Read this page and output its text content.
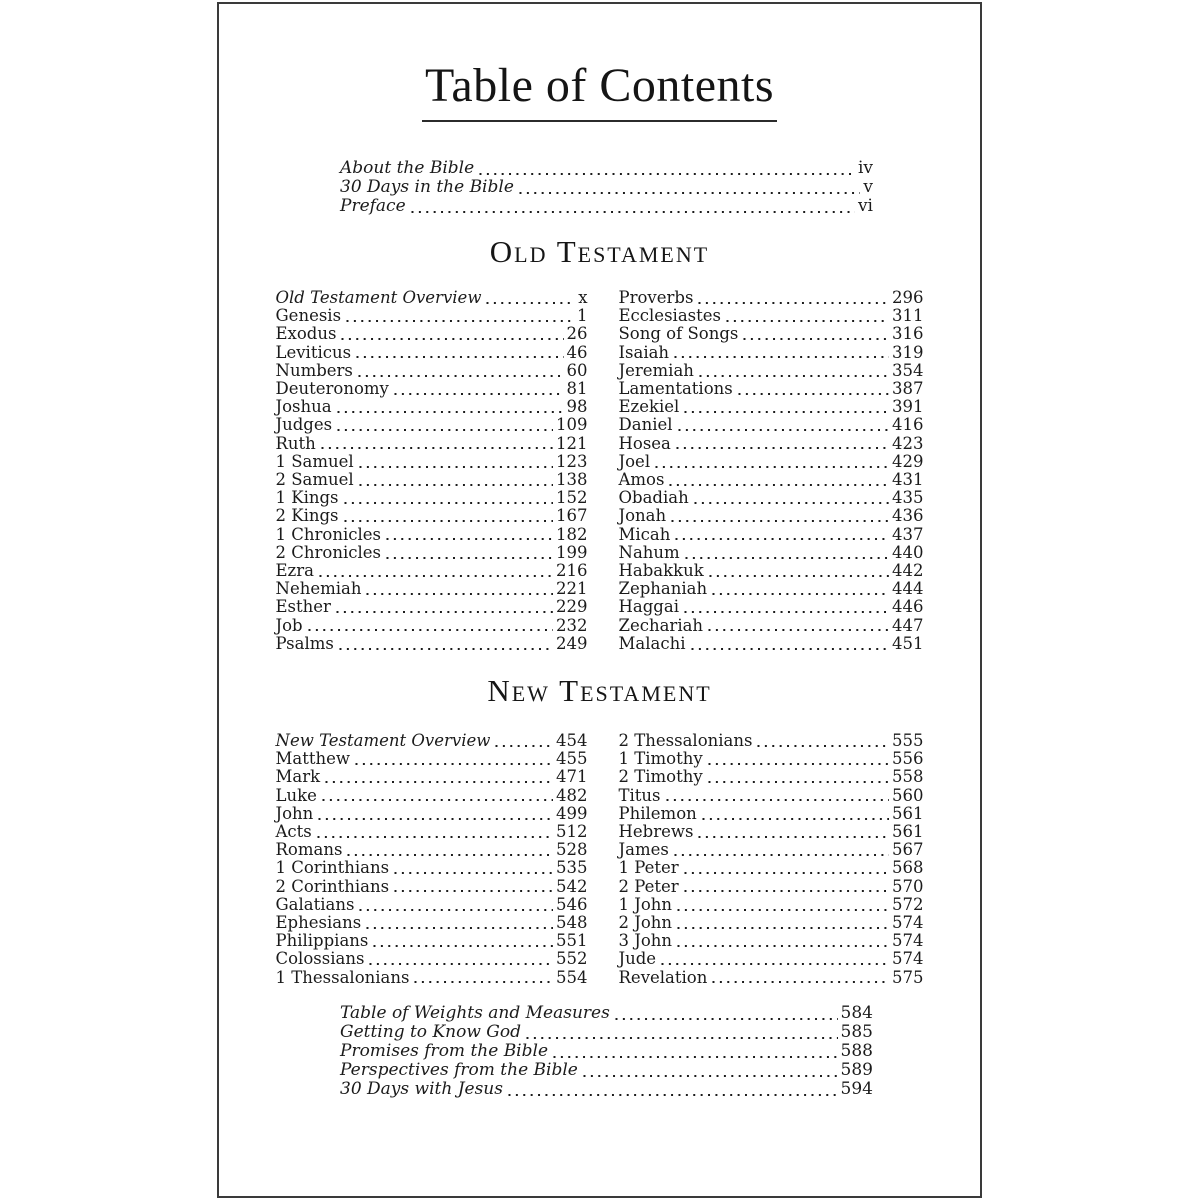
Table of Contents
About the Bible	iv
30 Days in the Bible	v
Preface	vi
Old Testament
Old Testament Overview	x
Genesis	1
Exodus	26
Leviticus	46
Numbers	60
Deuteronomy	81
Joshua	98
Judges	109
Ruth	121
1 Samuel	123
2 Samuel	138
1 Kings	152
2 Kings	167
1 Chronicles	182
2 Chronicles	199
Ezra	216
Nehemiah	221
Esther	229
Job	232
Psalms	249
Proverbs	296
Ecclesiastes	311
Song of Songs	316
Isaiah	319
Jeremiah	354
Lamentations	387
Ezekiel	391
Daniel	416
Hosea	423
Joel	429
Amos	431
Obadiah	435
Jonah	436
Micah	437
Nahum	440
Habakkuk	442
Zephaniah	444
Haggai	446
Zechariah	447
Malachi	451
New Testament
New Testament Overview	454
Matthew	455
Mark	471
Luke	482
John	499
Acts	512
Romans	528
1 Corinthians	535
2 Corinthians	542
Galatians	546
Ephesians	548
Philippians	551
Colossians	552
1 Thessalonians	554
2 Thessalonians	555
1 Timothy	556
2 Timothy	558
Titus	560
Philemon	561
Hebrews	561
James	567
1 Peter	568
2 Peter	570
1 John	572
2 John	574
3 John	574
Jude	574
Revelation	575
Table of Weights and Measures	584
Getting to Know God	585
Promises from the Bible	588
Perspectives from the Bible	589
30 Days with Jesus	594
